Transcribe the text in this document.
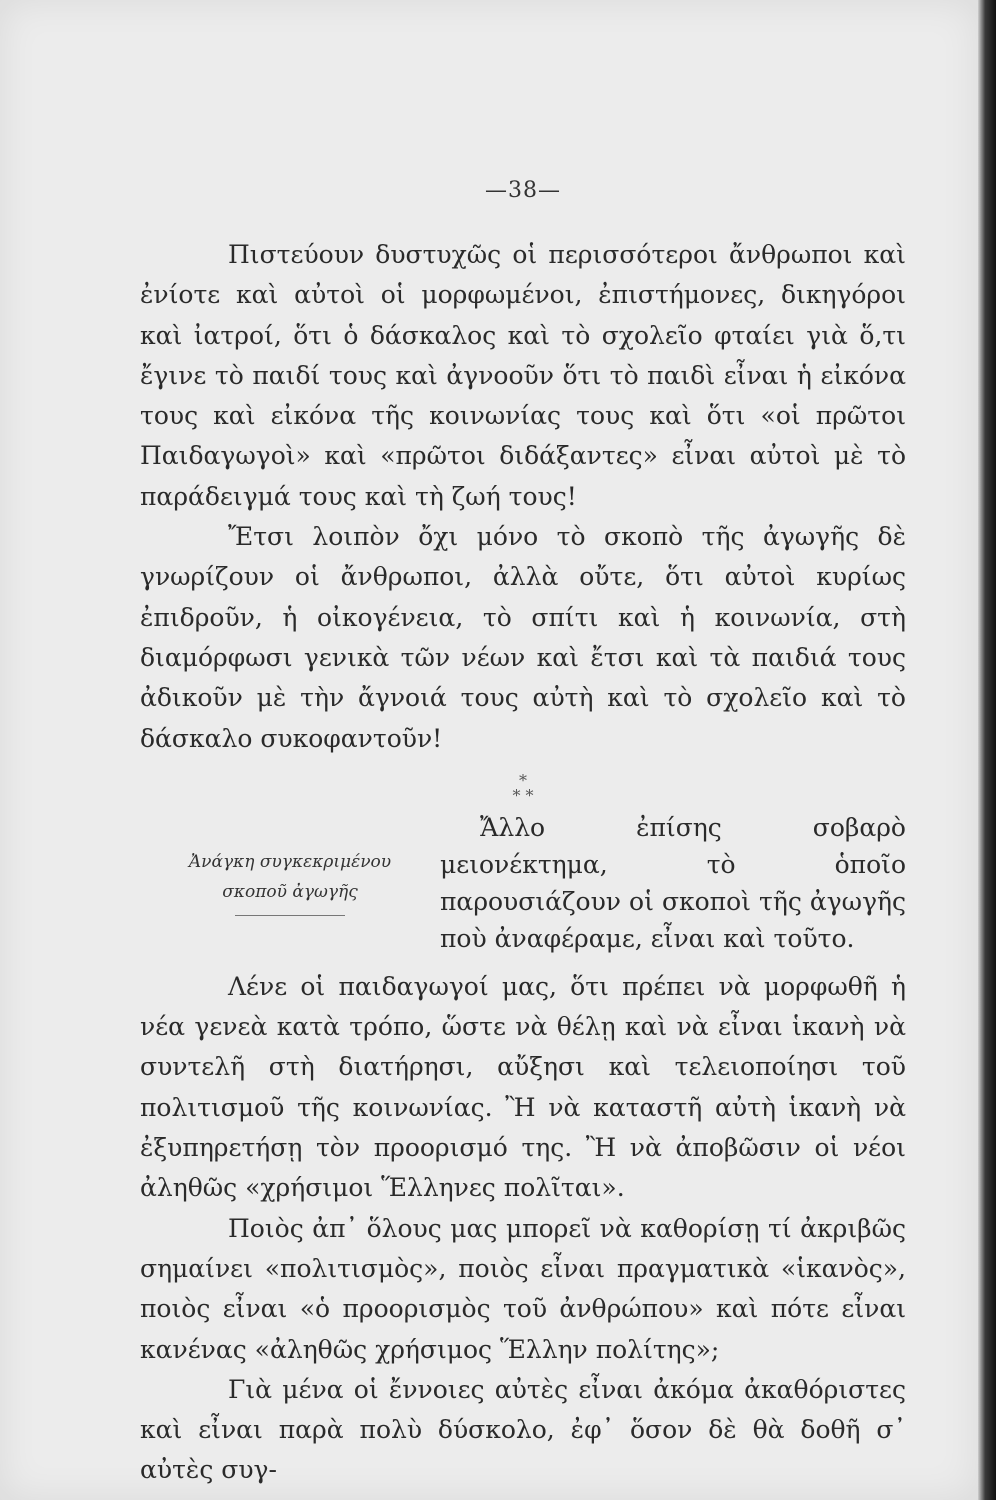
—38—

Πιστεύουν δυστυχῶς οἱ περισσότεροι ἄνθρωποι καὶ ἐνίοτε καὶ αὐτοὶ οἱ μορφωμένοι, ἐπιστήμονες, δικηγόροι καὶ ἰατροί, ὅτι ὁ δάσκαλος καὶ τὸ σχολεῖο φταίει γιὰ ὅ,τι ἔγινε τὸ παιδί τους καὶ ἀγνοοῦν ὅτι τὸ παιδὶ εἶναι ἡ εἰκόνα τους καὶ εἰκόνα τῆς κοινωνίας τους καὶ ὅτι «οἱ πρῶτοι Παιδαγωγοὶ» καὶ «πρῶτοι διδάξαντες» εἶναι αὐτοὶ μὲ τὸ παράδειγμά τους καὶ τὴ ζωή τους!

Ἔτσι λοιπὸν ὄχι μόνο τὸ σκοπὸ τῆς ἀγωγῆς δὲ γνωρίζουν οἱ ἄνθρωποι, ἀλλὰ οὔτε, ὅτι αὐτοὶ κυρίως ἐπιδροῦν, ἡ οἰκογένεια, τὸ σπίτι καὶ ἡ κοινωνία, στὴ διαμόρφωσι γενικὰ τῶν νέων καὶ ἔτσι καὶ τὰ παιδιά τους ἀδικοῦν μὲ τὴν ἄγνοιά τους αὐτὴ καὶ τὸ σχολεῖο καὶ τὸ δάσκαλο συκοφαντοῦν!

*
* *
Ἀνάγκη συγκεκριμένου
σκοποῦ ἀγωγῆς

Ἄλλο ἐπίσης σοβαρὸ μειονέκτημα, τὸ ὁποῖο παρουσιάζουν οἱ σκοποὶ τῆς ἀγωγῆς ποὺ ἀναφέραμε, εἶναι καὶ τοῦτο.

Λένε οἱ παιδαγωγοί μας, ὅτι πρέπει νὰ μορφωθῆ ἡ νέα γενεὰ κατὰ τρόπο, ὥστε νὰ θέλῃ καὶ νὰ εἶναι ἱκανὴ νὰ συντελῆ στὴ διατήρησι, αὔξησι καὶ τελειοποίησι τοῦ πολιτισμοῦ τῆς κοινωνίας. Ἢ νὰ καταστῆ αὐτὴ ἱκανὴ νὰ ἐξυπηρετήσῃ τὸν προορισμό της. Ἢ νὰ ἀποβῶσιν οἱ νέοι ἀληθῶς «χρήσιμοι Ἕλληνες πολῖται».

Ποιὸς ἀπ᾿ ὅλους μας μπορεῖ νὰ καθορίσῃ τί ἀκριβῶς σημαίνει «πολιτισμὸς», ποιὸς εἶναι πραγματικὰ «ἱκανὸς», ποιὸς εἶναι «ὁ προορισμὸς τοῦ ἀνθρώπου» καὶ πότε εἶναι κανένας «ἀληθῶς χρήσιμος Ἕλλην πολίτης»;

Γιὰ μένα οἱ ἔννοιες αὐτὲς εἶναι ἀκόμα ἀκαθόριστες καὶ εἶναι παρὰ πολὺ δύσκολο, ἐφ᾿ ὅσον δὲ θὰ δοθῆ σ᾿ αὐτὲς συγ-
